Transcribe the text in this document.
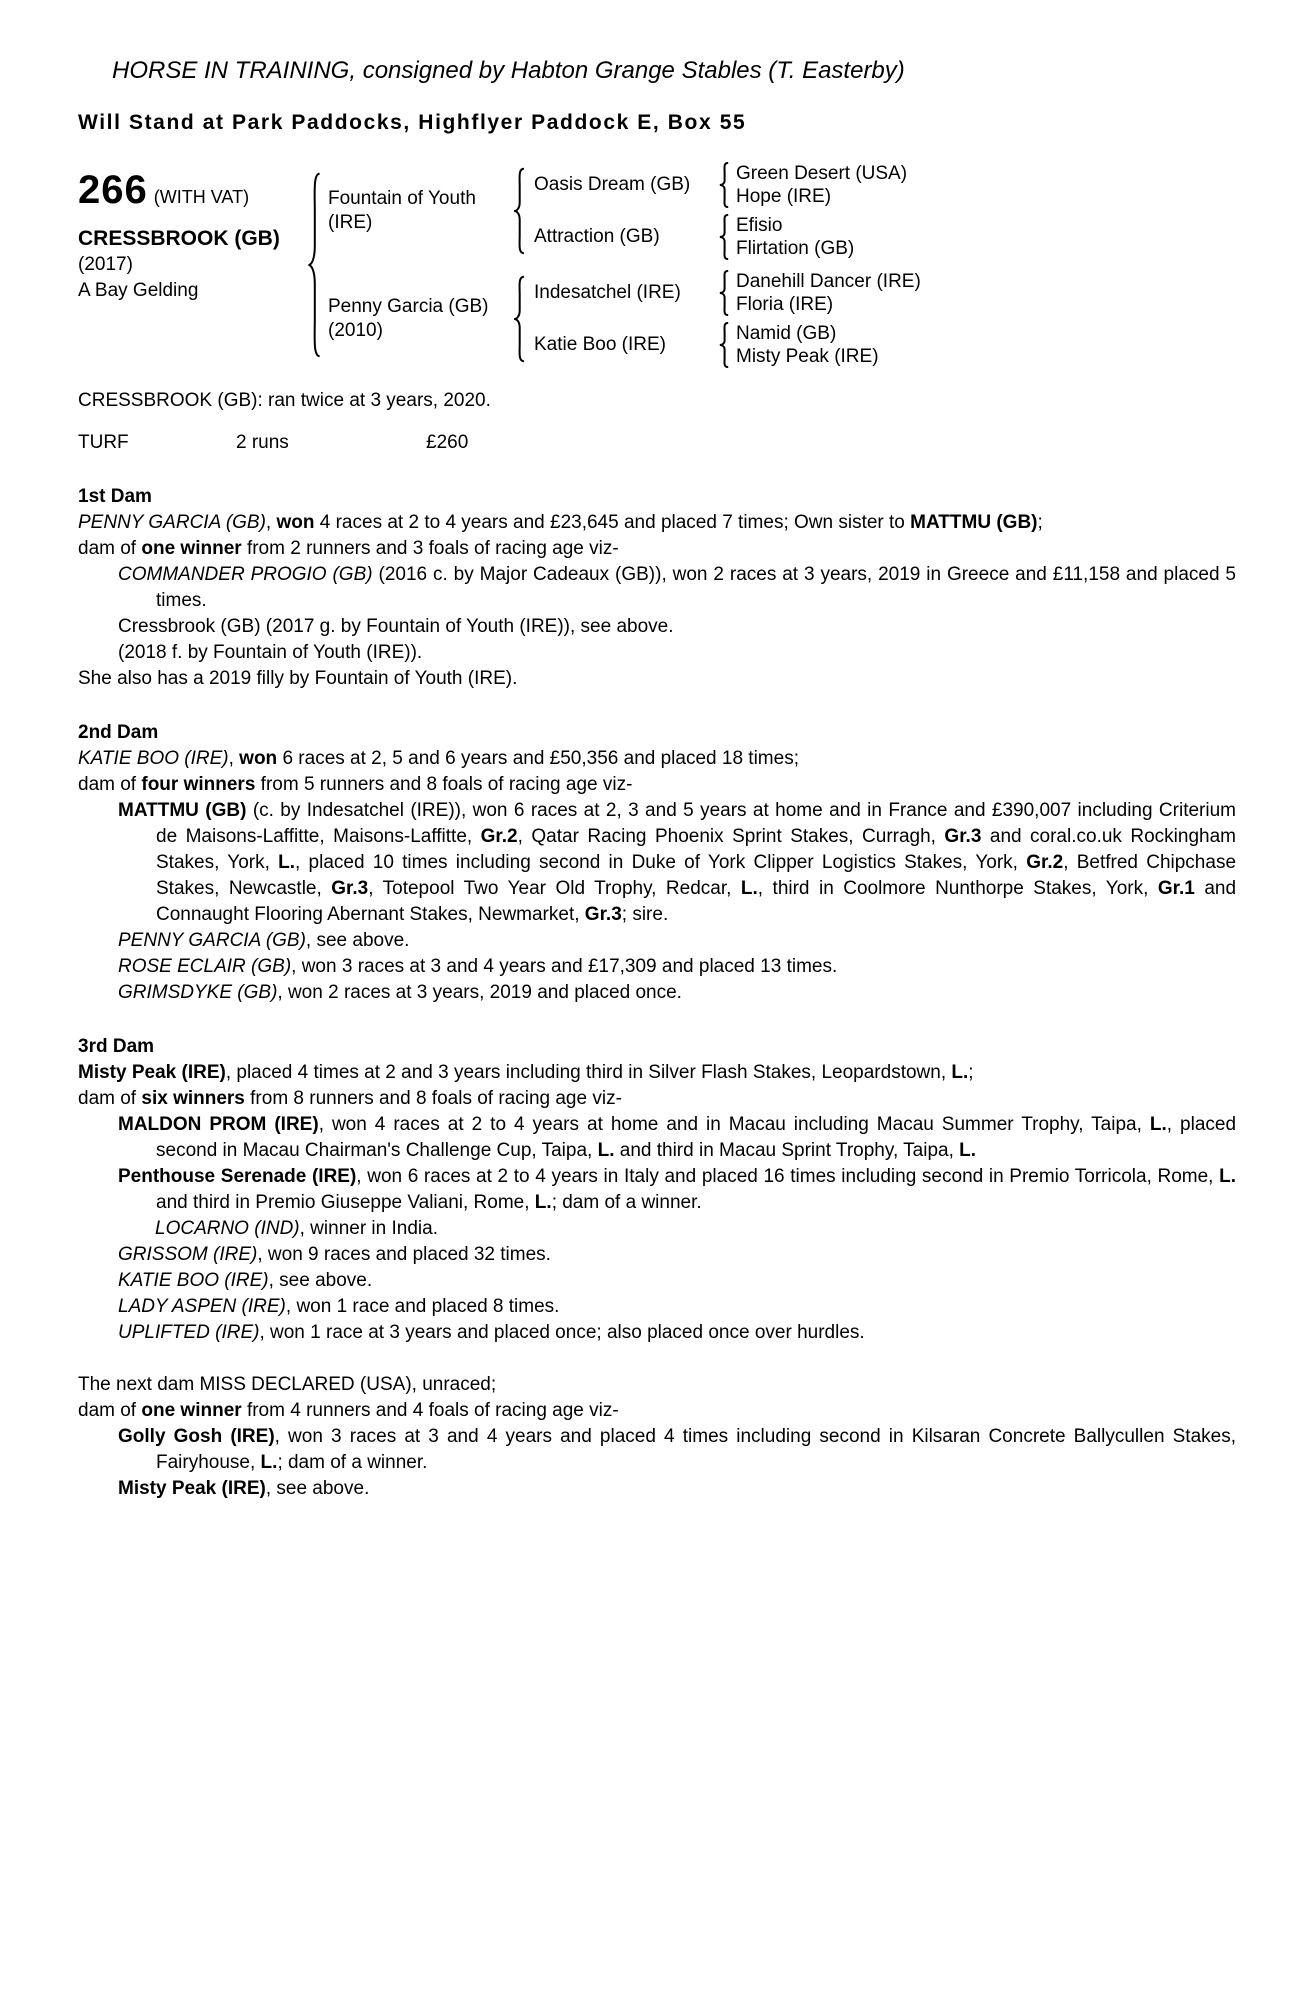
HORSE IN TRAINING, consigned by Habton Grange Stables (T. Easterby)
Will Stand at Park Paddocks, Highflyer Paddock E, Box 55
266 (WITH VAT)
CRESSBROOK (GB)
(2017)
A Bay Gelding
Fountain of Youth
(IRE)
Oasis Dream (GB)
Green Desert (USA)
Hope (IRE)
Attraction (GB)
Efisio
Flirtation (GB)
Penny Garcia (GB)
(2010)
Indesatchel (IRE)
Danehill Dancer (IRE)
Floria (IRE)
Katie Boo (IRE)
Namid (GB)
Misty Peak (IRE)
CRESSBROOK (GB): ran twice at 3 years, 2020.
TURF	2 runs	£260
1st Dam
PENNY GARCIA (GB), won 4 races at 2 to 4 years and £23,645 and placed 7 times; Own sister to MATTMU (GB);
dam of one winner from 2 runners and 3 foals of racing age viz-
COMMANDER PROGIO (GB) (2016 c. by Major Cadeaux (GB)), won 2 races at 3 years, 2019 in Greece and £11,158 and placed 5 times.
Cressbrook (GB) (2017 g. by Fountain of Youth (IRE)), see above.
(2018 f. by Fountain of Youth (IRE)).
She also has a 2019 filly by Fountain of Youth (IRE).
2nd Dam
KATIE BOO (IRE), won 6 races at 2, 5 and 6 years and £50,356 and placed 18 times;
dam of four winners from 5 runners and 8 foals of racing age viz-
MATTMU (GB) (c. by Indesatchel (IRE)), won 6 races at 2, 3 and 5 years at home and in France and £390,007 including Criterium de Maisons-Laffitte, Maisons-Laffitte, Gr.2, Qatar Racing Phoenix Sprint Stakes, Curragh, Gr.3 and coral.co.uk Rockingham Stakes, York, L., placed 10 times including second in Duke of York Clipper Logistics Stakes, York, Gr.2, Betfred Chipchase Stakes, Newcastle, Gr.3, Totepool Two Year Old Trophy, Redcar, L., third in Coolmore Nunthorpe Stakes, York, Gr.1 and Connaught Flooring Abernant Stakes, Newmarket, Gr.3; sire.
PENNY GARCIA (GB), see above.
ROSE ECLAIR (GB), won 3 races at 3 and 4 years and £17,309 and placed 13 times.
GRIMSDYKE (GB), won 2 races at 3 years, 2019 and placed once.
3rd Dam
Misty Peak (IRE), placed 4 times at 2 and 3 years including third in Silver Flash Stakes, Leopardstown, L.;
dam of six winners from 8 runners and 8 foals of racing age viz-
MALDON PROM (IRE), won 4 races at 2 to 4 years at home and in Macau including Macau Summer Trophy, Taipa, L., placed second in Macau Chairman's Challenge Cup, Taipa, L. and third in Macau Sprint Trophy, Taipa, L.
Penthouse Serenade (IRE), won 6 races at 2 to 4 years in Italy and placed 16 times including second in Premio Torricola, Rome, L. and third in Premio Giuseppe Valiani, Rome, L.; dam of a winner.
LOCARNO (IND), winner in India.
GRISSOM (IRE), won 9 races and placed 32 times.
KATIE BOO (IRE), see above.
LADY ASPEN (IRE), won 1 race and placed 8 times.
UPLIFTED (IRE), won 1 race at 3 years and placed once; also placed once over hurdles.
The next dam MISS DECLARED (USA), unraced;
dam of one winner from 4 runners and 4 foals of racing age viz-
Golly Gosh (IRE), won 3 races at 3 and 4 years and placed 4 times including second in Kilsaran Concrete Ballycullen Stakes, Fairyhouse, L.; dam of a winner.
Misty Peak (IRE), see above.
